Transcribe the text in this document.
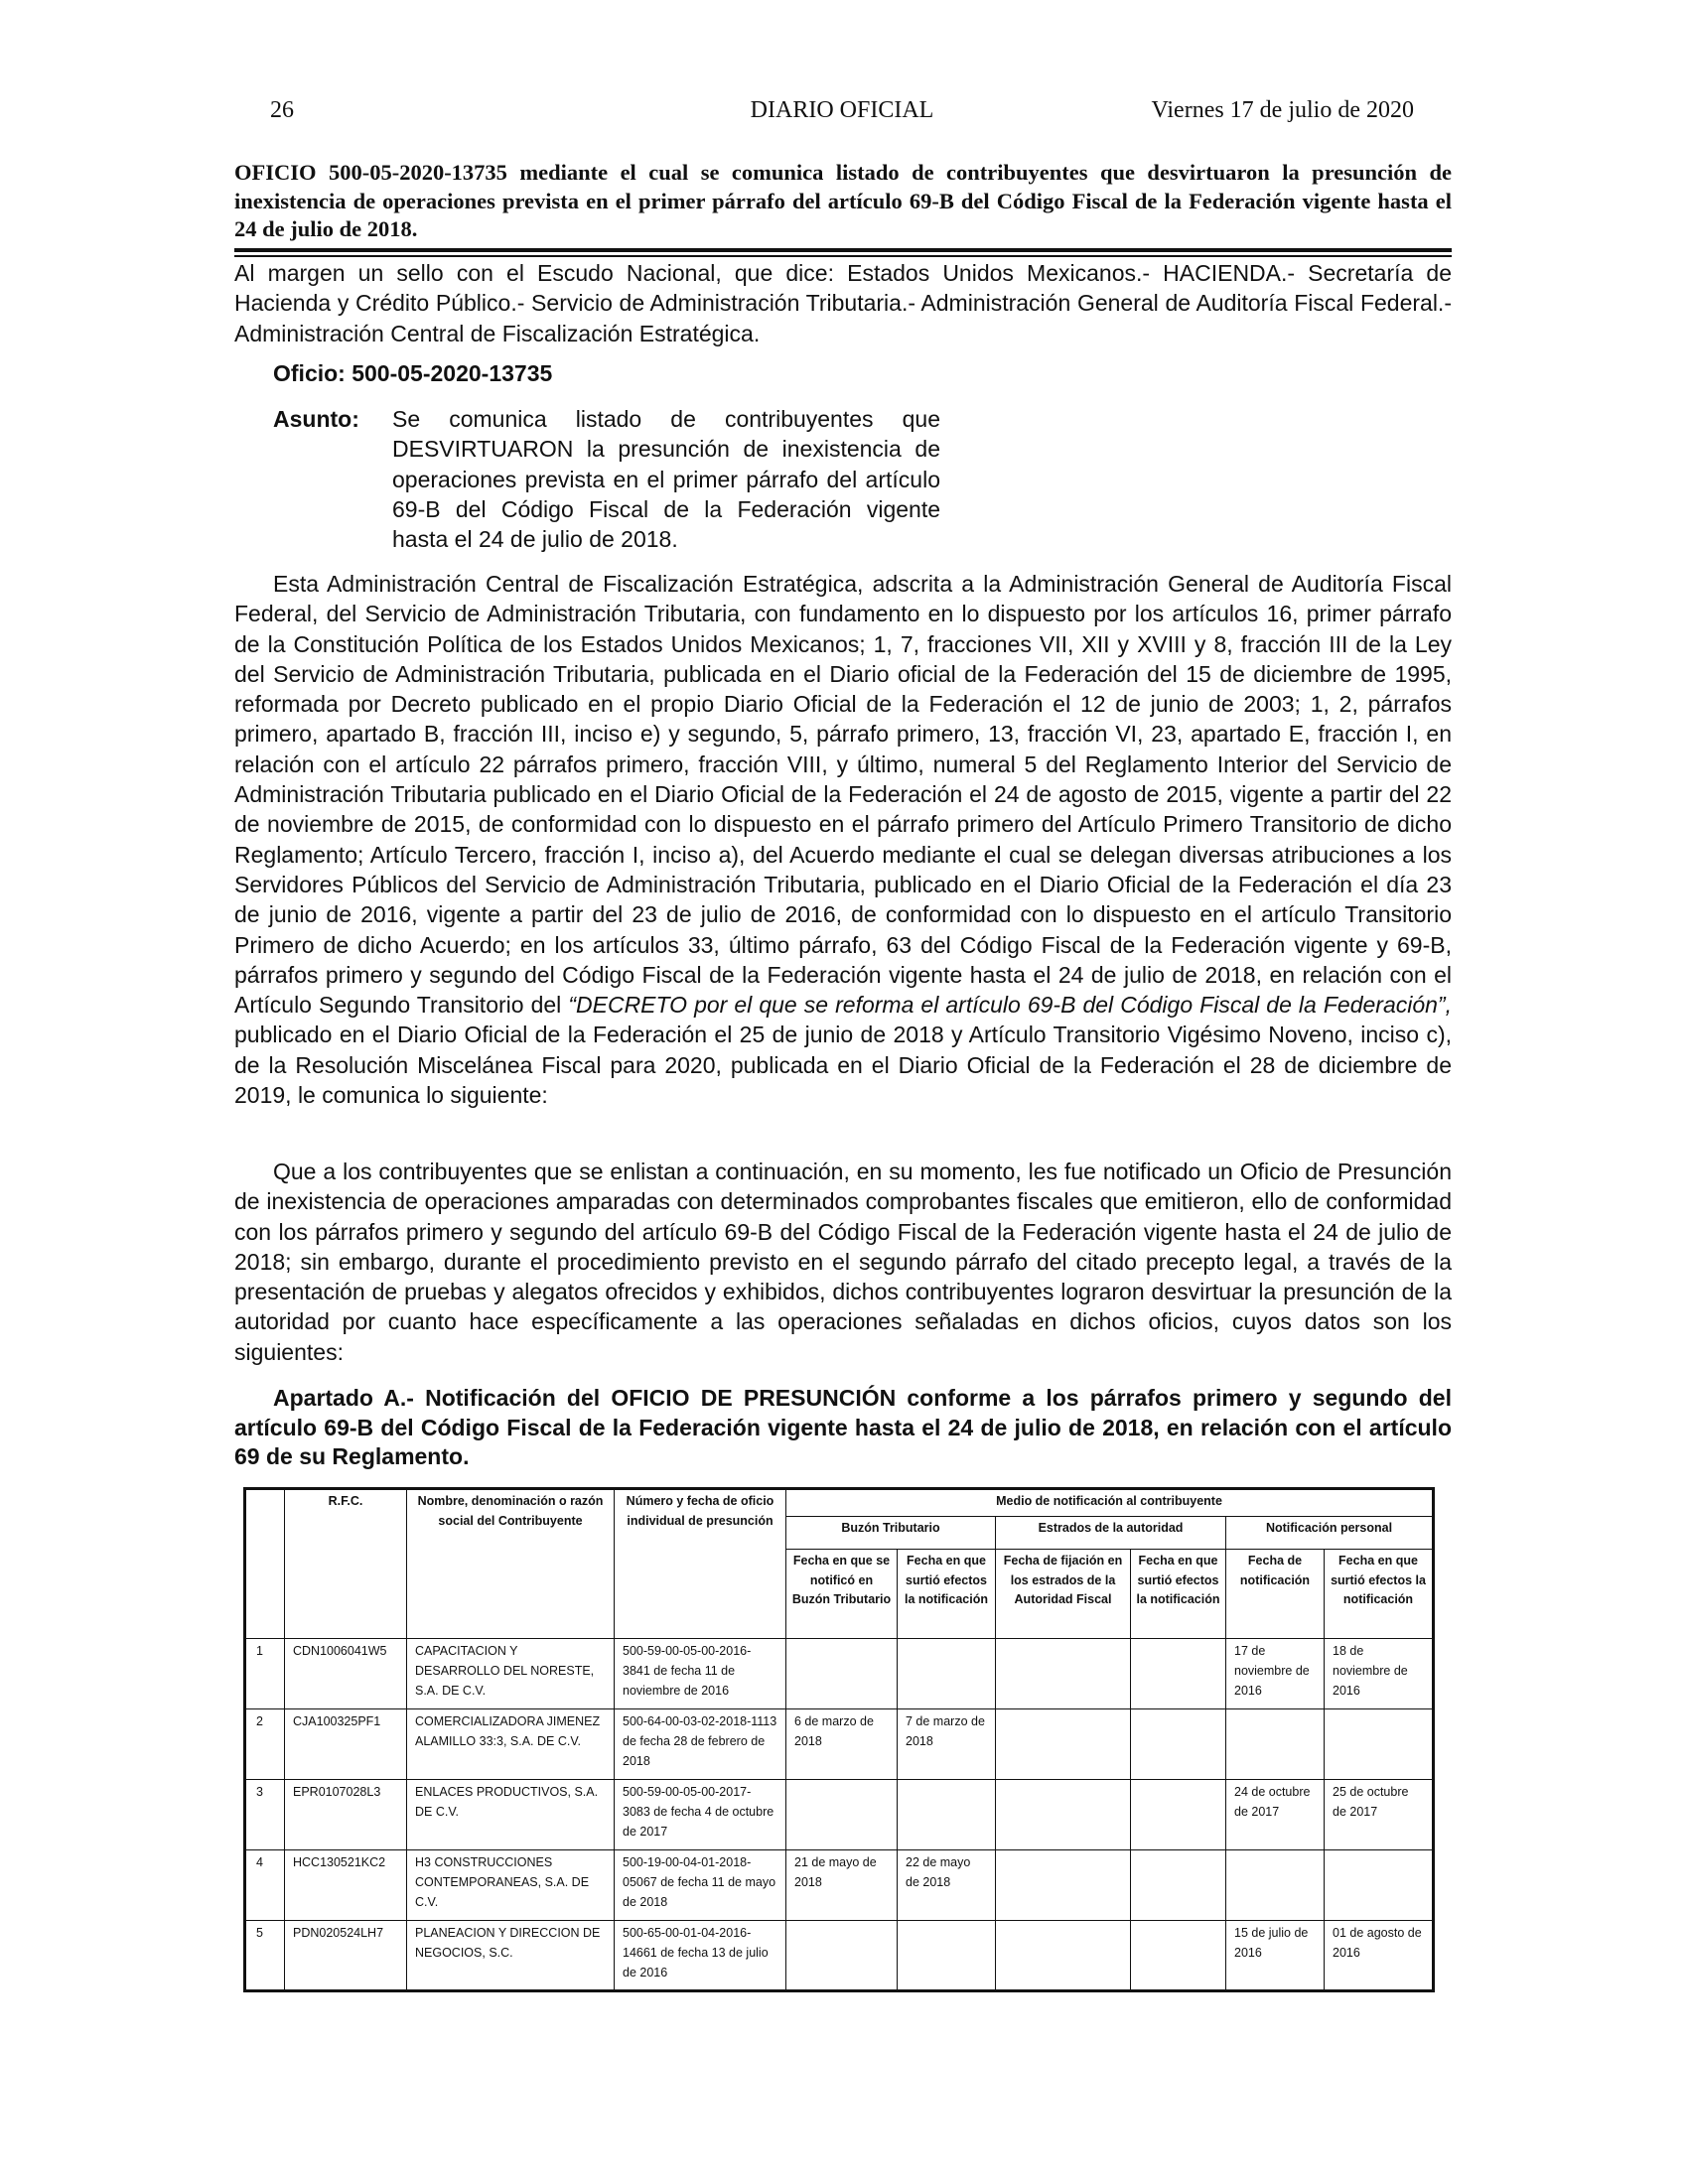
26	DIARIO OFICIAL	Viernes 17 de julio de 2020
OFICIO 500-05-2020-13735 mediante el cual se comunica listado de contribuyentes que desvirtuaron la presunción de inexistencia de operaciones prevista en el primer párrafo del artículo 69-B del Código Fiscal de la Federación vigente hasta el 24 de julio de 2018.
Al margen un sello con el Escudo Nacional, que dice: Estados Unidos Mexicanos.- HACIENDA.- Secretaría de Hacienda y Crédito Público.- Servicio de Administración Tributaria.- Administración General de Auditoría Fiscal Federal.- Administración Central de Fiscalización Estratégica.
Oficio: 500-05-2020-13735
Asunto: Se comunica listado de contribuyentes que DESVIRTUARON la presunción de inexistencia de operaciones prevista en el primer párrafo del artículo 69-B del Código Fiscal de la Federación vigente hasta el 24 de julio de 2018.
Esta Administración Central de Fiscalización Estratégica, adscrita a la Administración General de Auditoría Fiscal Federal, del Servicio de Administración Tributaria, con fundamento en lo dispuesto por los artículos 16, primer párrafo de la Constitución Política de los Estados Unidos Mexicanos; 1, 7, fracciones VII, XII y XVIII y 8, fracción III de la Ley del Servicio de Administración Tributaria, publicada en el Diario oficial de la Federación del 15 de diciembre de 1995, reformada por Decreto publicado en el propio Diario Oficial de la Federación el 12 de junio de 2003; 1, 2, párrafos primero, apartado B, fracción III, inciso e) y segundo, 5, párrafo primero, 13, fracción VI, 23, apartado E, fracción I, en relación con el artículo 22 párrafos primero, fracción VIII, y último, numeral 5 del Reglamento Interior del Servicio de Administración Tributaria publicado en el Diario Oficial de la Federación el 24 de agosto de 2015, vigente a partir del 22 de noviembre de 2015, de conformidad con lo dispuesto en el párrafo primero del Artículo Primero Transitorio de dicho Reglamento; Artículo Tercero, fracción I, inciso a), del Acuerdo mediante el cual se delegan diversas atribuciones a los Servidores Públicos del Servicio de Administración Tributaria, publicado en el Diario Oficial de la Federación el día 23 de junio de 2016, vigente a partir del 23 de julio de 2016, de conformidad con lo dispuesto en el artículo Transitorio Primero de dicho Acuerdo; en los artículos 33, último párrafo, 63 del Código Fiscal de la Federación vigente y 69-B, párrafos primero y segundo del Código Fiscal de la Federación vigente hasta el 24 de julio de 2018, en relación con el Artículo Segundo Transitorio del “DECRETO por el que se reforma el artículo 69-B del Código Fiscal de la Federación”, publicado en el Diario Oficial de la Federación el 25 de junio de 2018 y Artículo Transitorio Vigésimo Noveno, inciso c), de la Resolución Miscelánea Fiscal para 2020, publicada en el Diario Oficial de la Federación el 28 de diciembre de 2019, le comunica lo siguiente:
Que a los contribuyentes que se enlistan a continuación, en su momento, les fue notificado un Oficio de Presunción de inexistencia de operaciones amparadas con determinados comprobantes fiscales que emitieron, ello de conformidad con los párrafos primero y segundo del artículo 69-B del Código Fiscal de la Federación vigente hasta el 24 de julio de 2018; sin embargo, durante el procedimiento previsto en el segundo párrafo del citado precepto legal, a través de la presentación de pruebas y alegatos ofrecidos y exhibidos, dichos contribuyentes lograron desvirtuar la presunción de la autoridad por cuanto hace específicamente a las operaciones señaladas en dichos oficios, cuyos datos son los siguientes:
Apartado A.- Notificación del OFICIO DE PRESUNCIÓN conforme a los párrafos primero y segundo del artículo 69-B del Código Fiscal de la Federación vigente hasta el 24 de julio de 2018, en relación con el artículo 69 de su Reglamento.
	R.F.C.	Nombre, denominación o razón social del Contribuyente	Número y fecha de oficio individual de presunción	Medio de notificación al contribuyente					
				Buzón Tributario		Estrados de la autoridad		Notificación personal	
				Fecha en que se notificó en Buzón Tributario	Fecha en que surtió efectos la notificación	Fecha de fijación en los estrados de la Autoridad Fiscal	Fecha en que surtió efectos la notificación	Fecha de notificación	Fecha en que surtió efectos la notificación
1	CDN1006041W5	CAPACITACION Y DESARROLLO DEL NORESTE, S.A. DE C.V.	500-59-00-05-00-2016-3841 de fecha 11 de noviembre de 2016					17 de noviembre de 2016	18 de noviembre de 2016
2	CJA100325PF1	COMERCIALIZADORA JIMENEZ ALAMILLO 33:3, S.A. DE C.V.	500-64-00-03-02-2018-1113 de fecha 28 de febrero de 2018	6 de marzo de 2018	7 de marzo de 2018				
3	EPR0107028L3	ENLACES PRODUCTIVOS, S.A. DE C.V.	500-59-00-05-00-2017-3083 de fecha 4 de octubre de 2017					24 de octubre de 2017	25 de octubre de 2017
4	HCC130521KC2	H3 CONSTRUCCIONES CONTEMPORANEAS, S.A. DE C.V.	500-19-00-04-01-2018-05067 de fecha 11 de mayo de 2018	21 de mayo de 2018	22 de mayo de 2018				
5	PDN020524LH7	PLANEACION Y DIRECCION DE NEGOCIOS, S.C.	500-65-00-01-04-2016-14661 de fecha 13 de julio de 2016					15 de julio de 2016	01 de agosto de 2016
